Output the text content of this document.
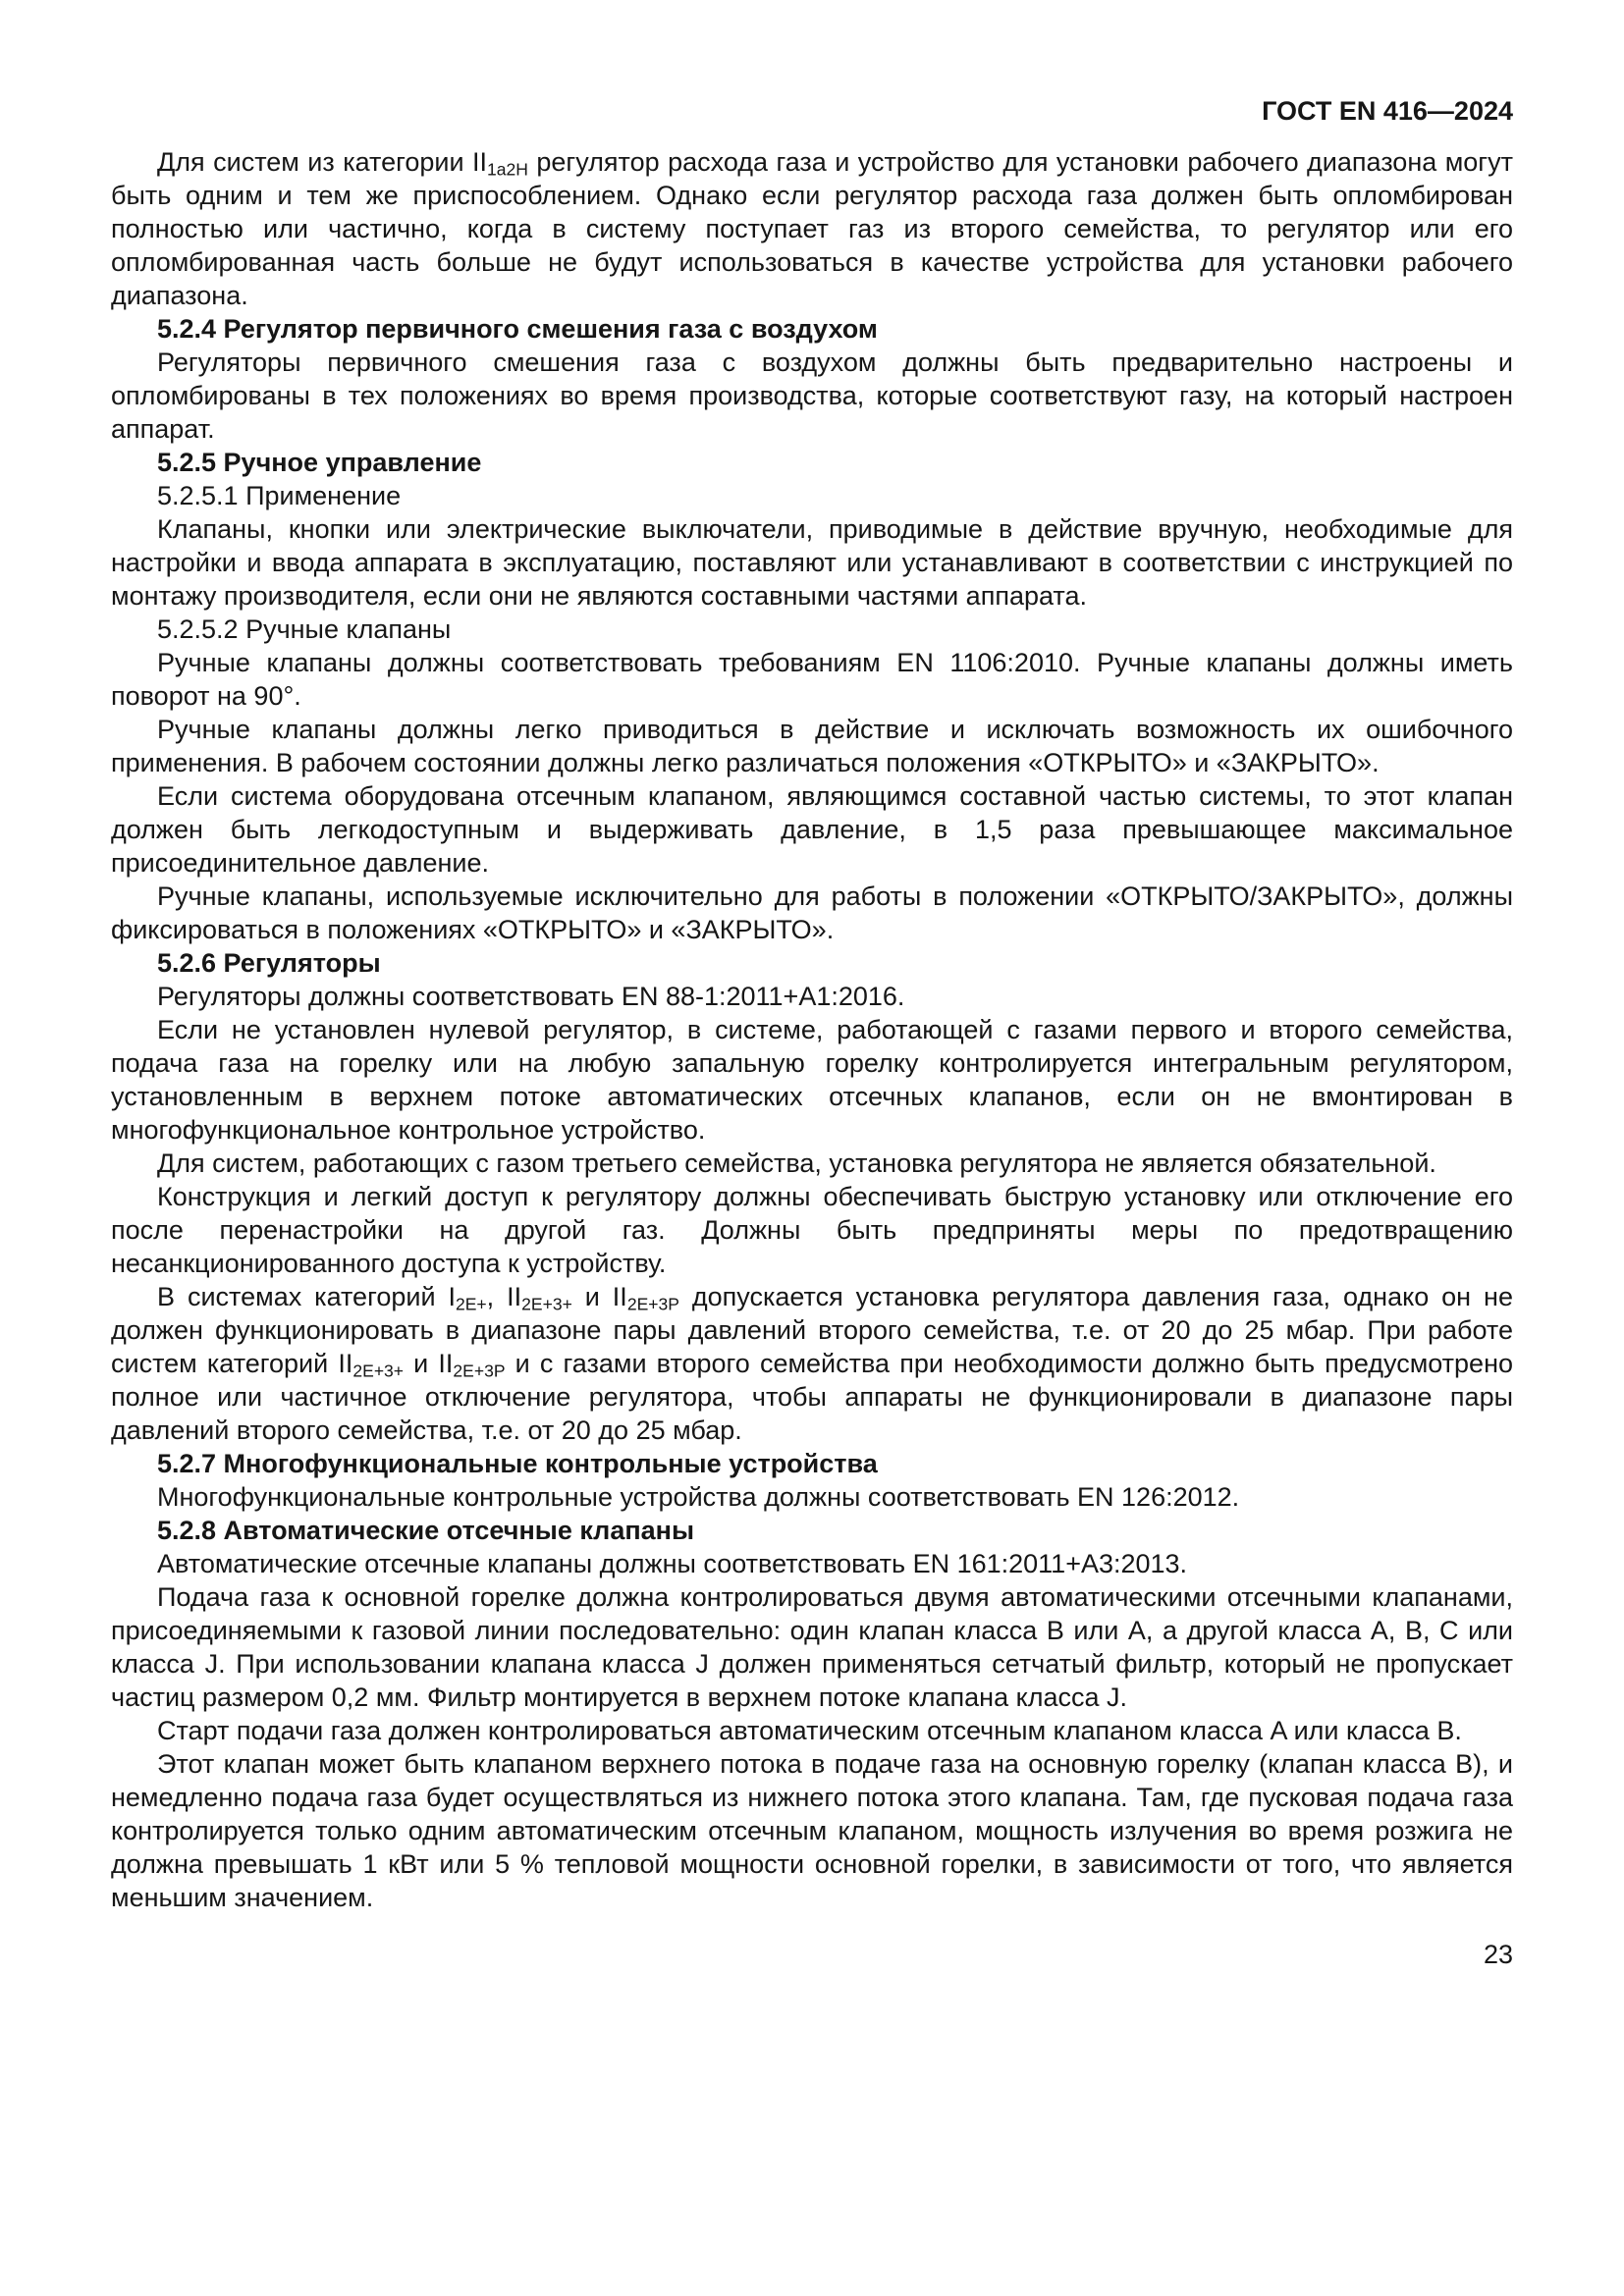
ГОСТ EN 416—2024

Для систем из категории $II_{1a2H}$ регулятор расхода газа и устройство для установки рабочего диапазона могут быть одним и тем же приспособлением. Однако если регулятор расхода газа должен быть опломбирован полностью или частично, когда в систему поступает газ из второго семейства, то регулятор или его опломбированная часть больше не будут использоваться в качестве устройства для установки рабочего диапазона.

5.2.4 Регулятор первичного смешения газа с воздухом

Регуляторы первичного смешения газа с воздухом должны быть предварительно настроены и опломбированы в тех положениях во время производства, которые соответствуют газу, на который настроен аппарат.

5.2.5 Ручное управление

5.2.5.1 Применение

Клапаны, кнопки или электрические выключатели, приводимые в действие вручную, необходимые для настройки и ввода аппарата в эксплуатацию, поставляют или устанавливают в соответствии с инструкцией по монтажу производителя, если они не являются составными частями аппарата.

5.2.5.2 Ручные клапаны

Ручные клапаны должны соответствовать требованиям EN 1106:2010. Ручные клапаны должны иметь поворот на 90°.

Ручные клапаны должны легко приводиться в действие и исключать возможность их ошибочного применения. В рабочем состоянии должны легко различаться положения «ОТКРЫТО» и «ЗАКРЫТО».

Если система оборудована отсечным клапаном, являющимся составной частью системы, то этот клапан должен быть легкодоступным и выдерживать давление, в 1,5 раза превышающее максимальное присоединительное давление.

Ручные клапаны, используемые исключительно для работы в положении «ОТКРЫТО/ЗАКРЫТО», должны фиксироваться в положениях «ОТКРЫТО» и «ЗАКРЫТО».

5.2.6 Регуляторы

Регуляторы должны соответствовать EN 88-1:2011+A1:2016.

Если не установлен нулевой регулятор, в системе, работающей с газами первого и второго семейства, подача газа на горелку или на любую запальную горелку контролируется интегральным регулятором, установленным в верхнем потоке автоматических отсечных клапанов, если он не вмонтирован в многофункциональное контрольное устройство.

Для систем, работающих с газом третьего семейства, установка регулятора не является обязательной.

Конструкция и легкий доступ к регулятору должны обеспечивать быструю установку или отключение его после перенастройки на другой газ. Должны быть предприняты меры по предотвращению несанкционированного доступа к устройству.

В системах категорий $I_{2E+}$, $II_{2E+3+}$ и $II_{2E+3P}$ допускается установка регулятора давления газа, однако он не должен функционировать в диапазоне пары давлений второго семейства, т.е. от 20 до 25 мбар. При работе систем категорий $II_{2E+3+}$ и $II_{2E+3P}$ и с газами второго семейства при необходимости должно быть предусмотрено полное или частичное отключение регулятора, чтобы аппараты не функционировали в диапазоне пары давлений второго семейства, т.е. от 20 до 25 мбар.

5.2.7 Многофункциональные контрольные устройства

Многофункциональные контрольные устройства должны соответствовать EN 126:2012.

5.2.8 Автоматические отсечные клапаны

Автоматические отсечные клапаны должны соответствовать EN 161:2011+A3:2013.

Подача газа к основной горелке должна контролироваться двумя автоматическими отсечными клапанами, присоединяемыми к газовой линии последовательно: один клапан класса B или A, а другой класса A, B, C или класса J. При использовании клапана класса J должен применяться сетчатый фильтр, который не пропускает частиц размером 0,2 мм. Фильтр монтируется в верхнем потоке клапана класса J.

Старт подачи газа должен контролироваться автоматическим отсечным клапаном класса A или класса B.

Этот клапан может быть клапаном верхнего потока в подаче газа на основную горелку (клапан класса B), и немедленно подача газа будет осуществляться из нижнего потока этого клапана. Там, где пусковая подача газа контролируется только одним автоматическим отсечным клапаном, мощность излучения во время розжига не должна превышать 1 кВт или 5 % тепловой мощности основной горелки, в зависимости от того, что является меньшим значением.

23
